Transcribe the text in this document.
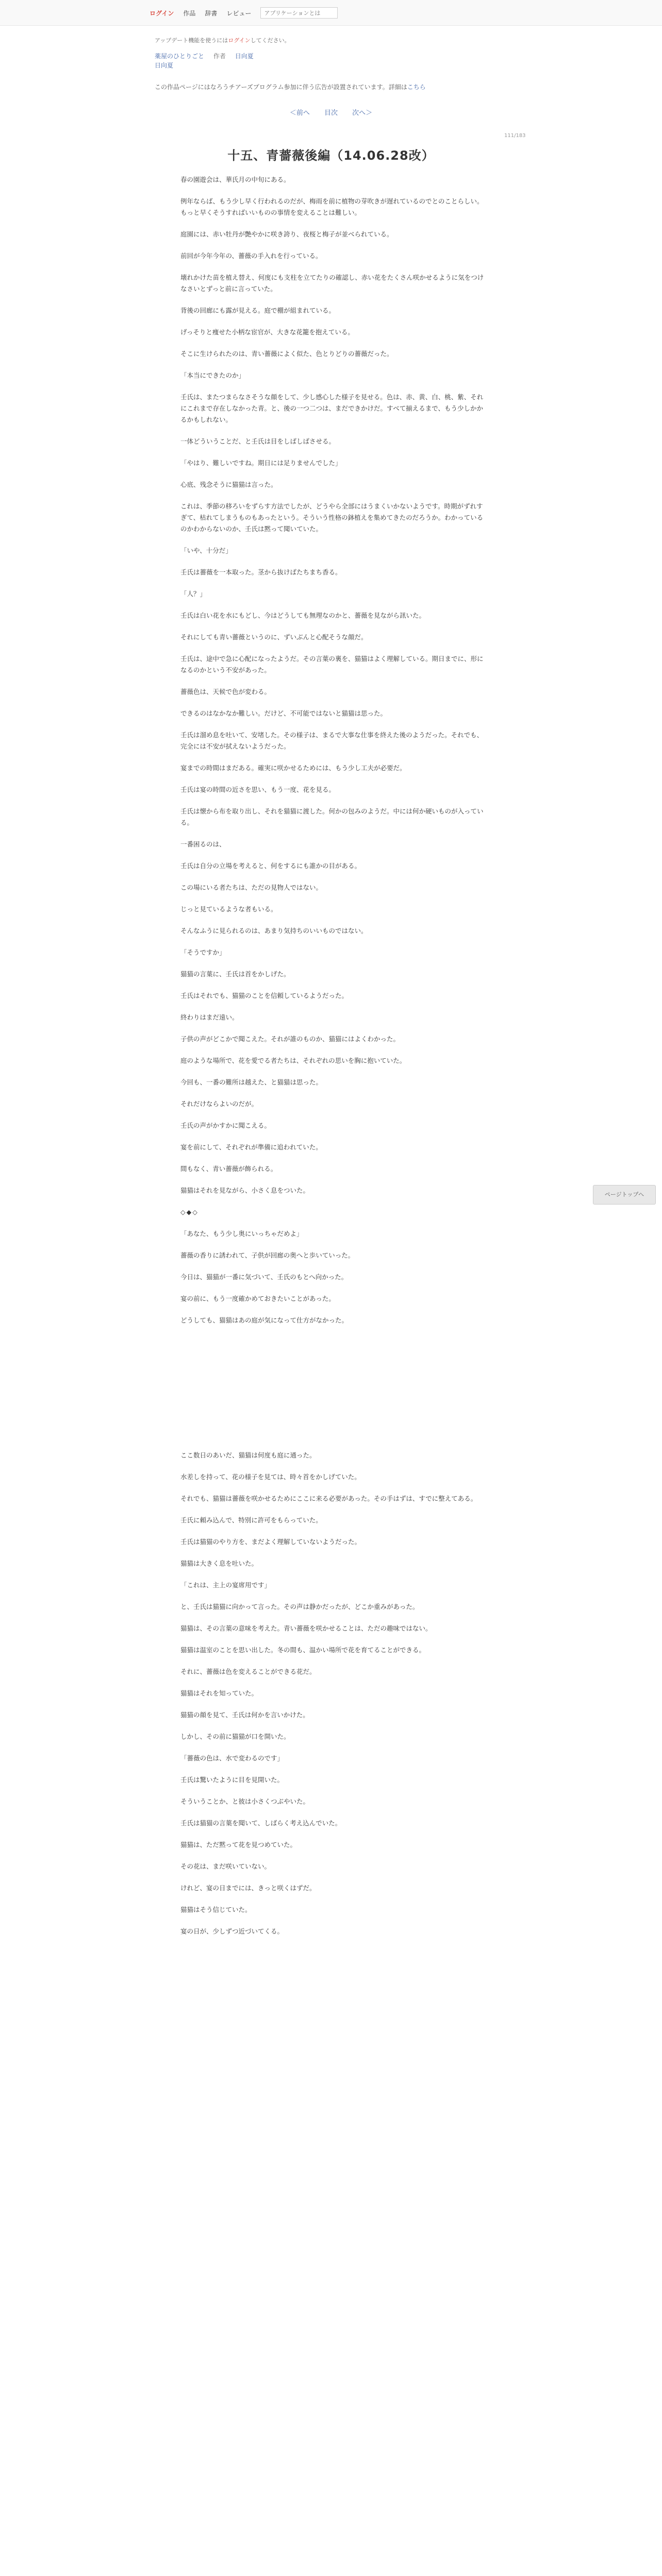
ログイン 作品 辞書 レビュー
アプリケーションとは
アップデート機能を使うにはログインしてください。
薬屋のひとりごと 作者 日向夏
日向夏
この作品ページにはなろうチアーズプログラム参加に伴う広告が設置されています。詳細はこちら
＜前へ 目次 次へ＞
111/183
十五、青薔薇後編（14.06.28改）

春の園遊会は、華氏月の中旬にある。

例年ならば、もう少し早く行われるのだが、梅雨を前に植物の芽吹きが遅れているのでとのことらしい。もっと早くそうすればいいものの事情を変えることは難しい。

庭園には、赤い牡丹が艶やかに咲き誇り、夜桜と梅子が並べられている。

前回が今年今年の、薔薇の手入れを行っている。

壊れかけた苗を植え替え、何度にも支柱を立てたりの確認し、赤い花をたくさん咲かせるように気をつけなさいとずっと前に言っていた。

背後の回廊にも露が見える。庭で棚が組まれている。

げっそりと痩せた小柄な宦官が、大きな花籠を抱えている。

そこに生けられたのは、青い薔薇によく似た、色とりどりの薔薇だった。

「本当にできたのか」

壬氏は、またつまらなさそうな顔をして、少し感心した様子を見せる。色は、赤、黄、白、桃、紫、それにこれまで存在しなかった青。と、後の一つ二つは、まだできかけだ。すべて揃えるまで、もう少しかかるかもしれない。

一体どういうことだ、と壬氏は目をしばしばさせる。

「やはり、難しいですね。期日には足りませんでした」

心底、残念そうに猫猫は言った。

これは、季節の移ろいをずらす方法でしたが、どうやら全部にはうまくいかないようです。時期がずれすぎて、枯れてしまうものもあったという。そういう性格の鉢植えを集めてきたのだろうか。わかっているのかわからないのか、壬氏は黙って聞いていた。

「いや、十分だ」

壬氏は薔薇を一本取った。茎から抜けばたちまち香る。

「人？」

壬氏は白い花を水にもどし、今はどうしても無理なのかと、薔薇を見ながら訊いた。

それにしても青い薔薇というのに、ずいぶんと心配そうな顔だ。

壬氏は、途中で急に心配になったようだ。その言葉の裏を、猫猫はよく理解している。期日までに、形になるのかという不安があった。

薔薇色は、天候で色が変わる。

できるのはなかなか難しい。だけど、不可能ではないと猫猫は思った。

壬氏は溜め息を吐いて、安堵した。その様子は、まるで大事な仕事を終えた後のようだった。それでも、完全には不安が拭えないようだった。

宴までの時間はまだある。確実に咲かせるためには、もう少し工夫が必要だ。

壬氏は宴の時間の近さを思い、もう一度、花を見る。

壬氏は懐から布を取り出し、それを猫猫に渡した。何かの包みのようだ。中には何か硬いものが入っている。

一番困るのは、

壬氏は自分の立場を考えると、何をするにも誰かの目がある。

この場にいる者たちは、ただの見物人ではない。

じっと見ているような者もいる。

そんなふうに見られるのは、あまり気持ちのいいものではない。

「そうですか」

猫猫の言葉に、壬氏は首をかしげた。

壬氏はそれでも、猫猫のことを信頼しているようだった。

終わりはまだ遠い。

子供の声がどこかで聞こえた。それが誰のものか、猫猫にはよくわかった。

庭のような場所で、花を愛でる者たちは、それぞれの思いを胸に抱いていた。

今回も、一番の難所は越えた、と猫猫は思った。

それだけならよいのだが。

壬氏の声がかすかに聞こえる。

宴を前にして、それぞれが準備に追われていた。

間もなく、青い薔薇が飾られる。

猫猫はそれを見ながら、小さく息をついた。

◇◆◇

「あなた、もう少し奥にいっちゃだめよ」

薔薇の香りに誘われて、子供が回廊の奥へと歩いていった。

今日は、猫猫が一番に気づいて、壬氏のもとへ向かった。

宴の前に、もう一度確かめておきたいことがあった。

どうしても、猫猫はあの庭が気になって仕方がなかった。

ここ数日のあいだ、猫猫は何度も庭に通った。

水差しを持って、花の様子を見ては、時々首をかしげていた。

それでも、猫猫は薔薇を咲かせるためにここに来る必要があった。その手はずは、すでに整えてある。

壬氏に頼み込んで、特別に許可をもらっていた。

壬氏は猫猫のやり方を、まだよく理解していないようだった。

猫猫は大きく息を吐いた。

「これは、主上の宴席用です」

と、壬氏は猫猫に向かって言った。その声は静かだったが、どこか重みがあった。

猫猫は、その言葉の意味を考えた。青い薔薇を咲かせることは、ただの趣味ではない。

猫猫は温室のことを思い出した。冬の間も、温かい場所で花を育てることができる。

それに、薔薇は色を変えることができる花だ。

猫猫はそれを知っていた。

猫猫の顔を見て、壬氏は何かを言いかけた。

しかし、その前に猫猫が口を開いた。

「薔薇の色は、水で変わるのです」

壬氏は驚いたように目を見開いた。

そういうことか、と彼は小さくつぶやいた。

壬氏は猫猫の言葉を聞いて、しばらく考え込んでいた。

猫猫は、ただ黙って花を見つめていた。

その花は、まだ咲いていない。

けれど、宴の日までには、きっと咲くはずだ。

猫猫はそう信じていた。

宴の日が、少しずつ近づいてくる。

ページトップへ
